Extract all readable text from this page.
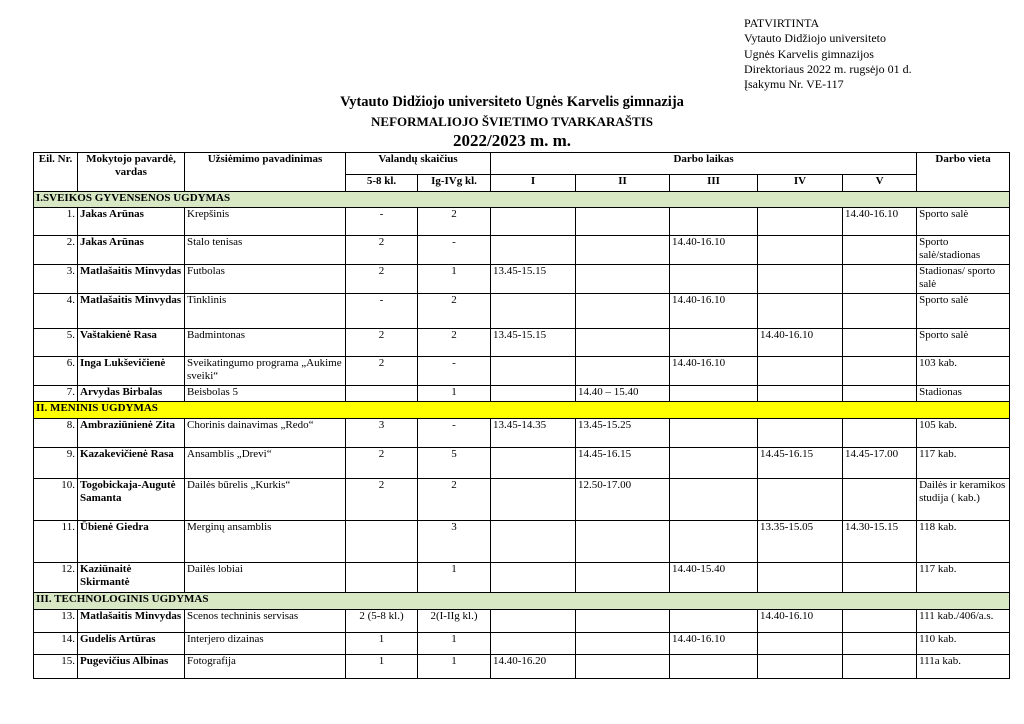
PATVIRTINTA
Vytauto Didžiojo universiteto
Ugnės Karvelis gimnazijos
Direktoriaus 2022 m. rugsėjo 01 d.
Įsakymu Nr. VE-117
Vytauto Didžiojo universiteto Ugnės Karvelis gimnazija
NEFORMALIOJO ŠVIETIMO TVARKARAŠTIS
2022/2023 m. m.
Eil. Nr.	Mokytojo pavardė, vardas	Užsiėmimo pavadinimas	Valandų skaičius		Darbo laikas					Darbo vieta
			5-8 kl.	Ig-IVg kl.	I	II	III	IV	V	
I.SVEIKOS GYVENSENOS UGDYMAS										
1.	Jakas Arūnas	Krepšinis	-	2					14.40-16.10	Sporto salė
2.	Jakas Arūnas	Stalo tenisas	2	-			14.40-16.10			Sporto salė/stadionas
3.	Matlašaitis Minvydas	Futbolas	2	1	13.45-15.15					Stadionas/ sporto salė
4.	Matlašaitis Minvydas	Tinklinis	-	2			14.40-16.10			Sporto salė
5.	Vaštakienė Rasa	Badmintonas	2	2	13.45-15.15			14.40-16.10		Sporto salė
6.	Inga Lukševičienė	Sveikatingumo programa „Aukime sveiki“	2	-			14.40-16.10			103 kab.
7.	Arvydas Birbalas	Beisbolas 5		1		14.40 – 15.40				Stadionas
II. MENINIS UGDYMAS										
8.	Ambraziūnienė Zita	Chorinis dainavimas „Redo“	3	-	13.45-14.35	13.45-15.25				105 kab.
9.	Kazakevičienė Rasa	Ansamblis „Drevi“	2	5		14.45-16.15		14.45-16.15	14.45-17.00	117 kab.
10.	Togobickaja-Augutė Samanta	Dailės būrelis „Kurkis“	2	2		12.50-17.00				Dailės ir keramikos studija ( kab.)
11.	Ūbienė Giedra	Merginų ansamblis		3				13.35-15.05	14.30-15.15	118 kab.
12.	Kaziūnaitė Skirmantė	Dailės lobiai		1			14.40-15.40			117 kab.
III. TECHNOLOGINIS UGDYMAS										
13.	Matlašaitis Minvydas	Scenos techninis servisas	2 (5-8 kl.)	2(I-IIg kl.)				14.40-16.10		111 kab./406/a.s.
14.	Gudelis Artūras	Interjero dizainas	1	1			14.40-16.10			110 kab.
15.	Pugevičius Albinas	Fotografija	1	1	14.40-16.20					111a kab.
